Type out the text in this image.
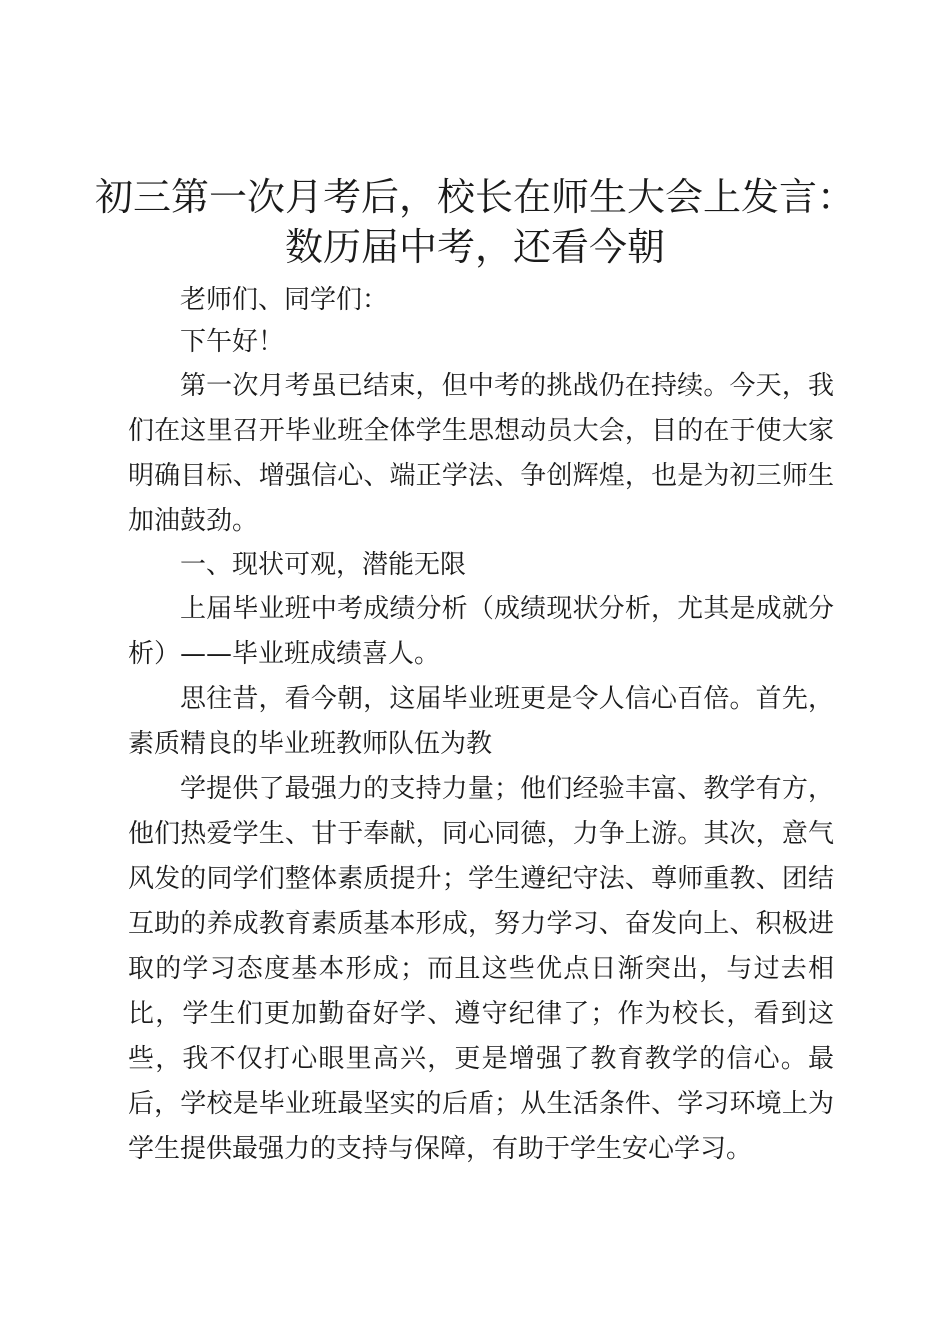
初三第一次月考后，校长在师生大会上发言：
数历届中考，还看今朝
老师们、同学们：
下午好！
第一次月考虽已结束，但中考的挑战仍在持续。今天，我们在这里召开毕业班全体学生思想动员大会，目的在于使大家明确目标、增强信心、端正学法、争创辉煌，也是为初三师生加油鼓劲。
一、现状可观，潜能无限
上届毕业班中考成绩分析（成绩现状分析，尤其是成就分析）——毕业班成绩喜人。
思往昔，看今朝，这届毕业班更是令人信心百倍。首先，素质精良的毕业班教师队伍为教
学提供了最强力的支持力量；他们经验丰富、教学有方，他们热爱学生、甘于奉献，同心同德，力争上游。其次，意气风发的同学们整体素质提升；学生遵纪守法、尊师重教、团结互助的养成教育素质基本形成，努力学习、奋发向上、积极进取的学习态度基本形成；而且这些优点日渐突出，与过去相比，学生们更加勤奋好学、遵守纪律了；作为校长，看到这些，我不仅打心眼里高兴，更是增强了教育教学的信心。最后，学校是毕业班最坚实的后盾；从生活条件、学习环境上为学生提供最强力的支持与保障，有助于学生安心学习。
